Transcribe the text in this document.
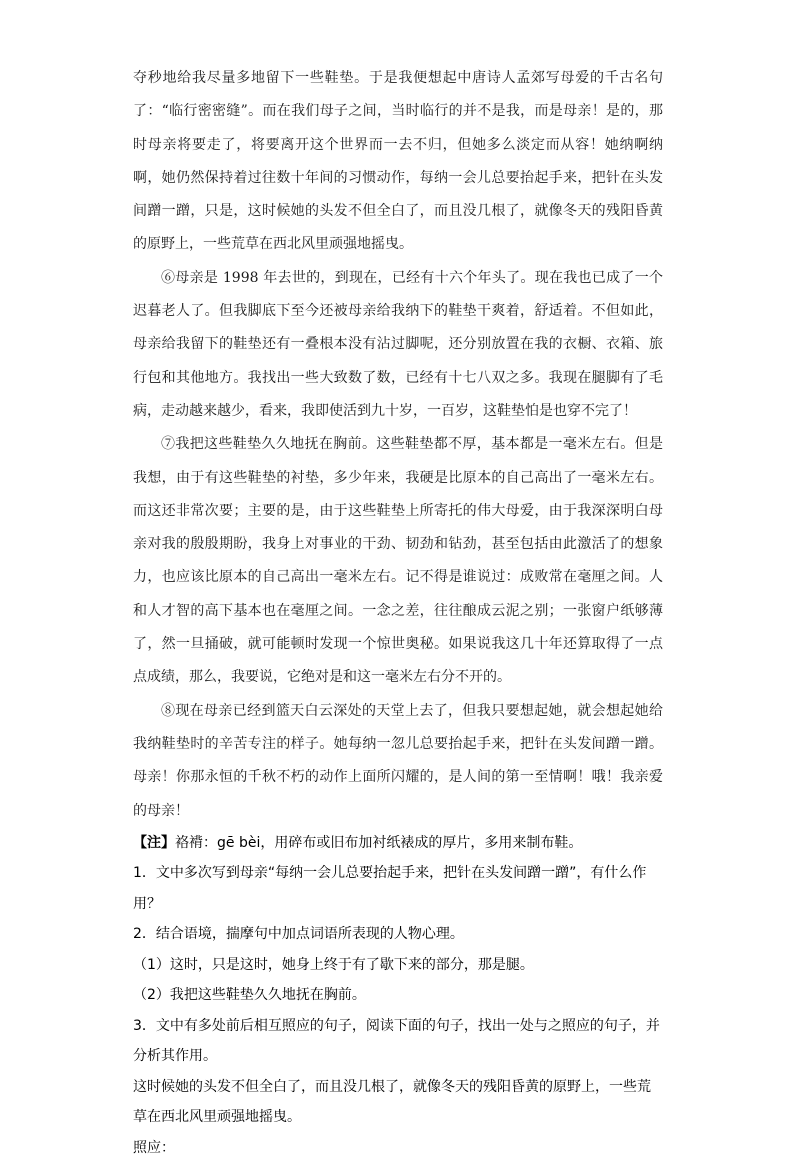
夺秒地给我尽量多地留下一些鞋垫。于是我便想起中唐诗人孟郊写母爱的千古名句了：“临行密密缝”。而在我们母子之间，当时临行的并不是我，而是母亲！是的，那时母亲将要走了，将要离开这个世界而一去不归，但她多么淡定而从容！她纳啊纳啊，她仍然保持着过往数十年间的习惯动作，每纳一会儿总要抬起手来，把针在头发间蹭一蹭，只是，这时候她的头发不但全白了，而且没几根了，就像冬天的残阳昏黄的原野上，一些荒草在西北风里顽强地摇曳。

⑥母亲是 1998 年去世的，到现在，已经有十六个年头了。现在我也已成了一个迟暮老人了。但我脚底下至今还被母亲给我纳下的鞋垫干爽着，舒适着。不但如此，母亲给我留下的鞋垫还有一叠根本没有沾过脚呢，还分别放置在我的衣橱、衣箱、旅行包和其他地方。我找出一些大致数了数，已经有十七八双之多。我现在腿脚有了毛病，走动越来越少，看来，我即使活到九十岁，一百岁，这鞋垫怕是也穿不完了！

⑦我把这些鞋垫久久地抚在胸前。这些鞋垫都不厚，基本都是一毫米左右。但是我想，由于有这些鞋垫的衬垫，多少年来，我硬是比原本的自己高出了一毫米左右。而这还非常次要；主要的是，由于这些鞋垫上所寄托的伟大母爱，由于我深深明白母亲对我的殷殷期盼，我身上对事业的干劲、韧劲和钻劲，甚至包括由此激活了的想象力，也应该比原本的自己高出一毫米左右。记不得是谁说过：成败常在毫厘之间。人和人才智的高下基本也在毫厘之间。一念之差，往往酿成云泥之别；一张窗户纸够薄了，然一旦捅破，就可能顿时发现一个惊世奥秘。如果说我这几十年还算取得了一点点成绩，那么，我要说，它绝对是和这一毫米左右分不开的。

⑧现在母亲已经到篮天白云深处的天堂上去了，但我只要想起她，就会想起她给我纳鞋垫时的辛苦专注的样子。她每纳一忽儿总要抬起手来，把针在头发间蹭一蹭。母亲！你那永恒的千秋不朽的动作上面所闪耀的，是人间的第一至情啊！哦！我亲爱的母亲！

【注】袼褙：gē bèi，用碎布或旧布加衬纸裱成的厚片，多用来制布鞋。

1．文中多次写到母亲“每纳一会儿总要抬起手来，把针在头发间蹭一蹭”，有什么作用？

2．结合语境，揣摩句中加点词语所表现的人物心理。

（1）这时，只是这时，她身上终于有了歇下来的部分，那是腿。

（2）我把这些鞋垫久久地抚在胸前。

3．文中有多处前后相互照应的句子，阅读下面的句子，找出一处与之照应的句子，并分析其作用。

这时候她的头发不但全白了，而且没几根了，就像冬天的残阳昏黄的原野上，一些荒草在西北风里顽强地摇曳。

照应：
